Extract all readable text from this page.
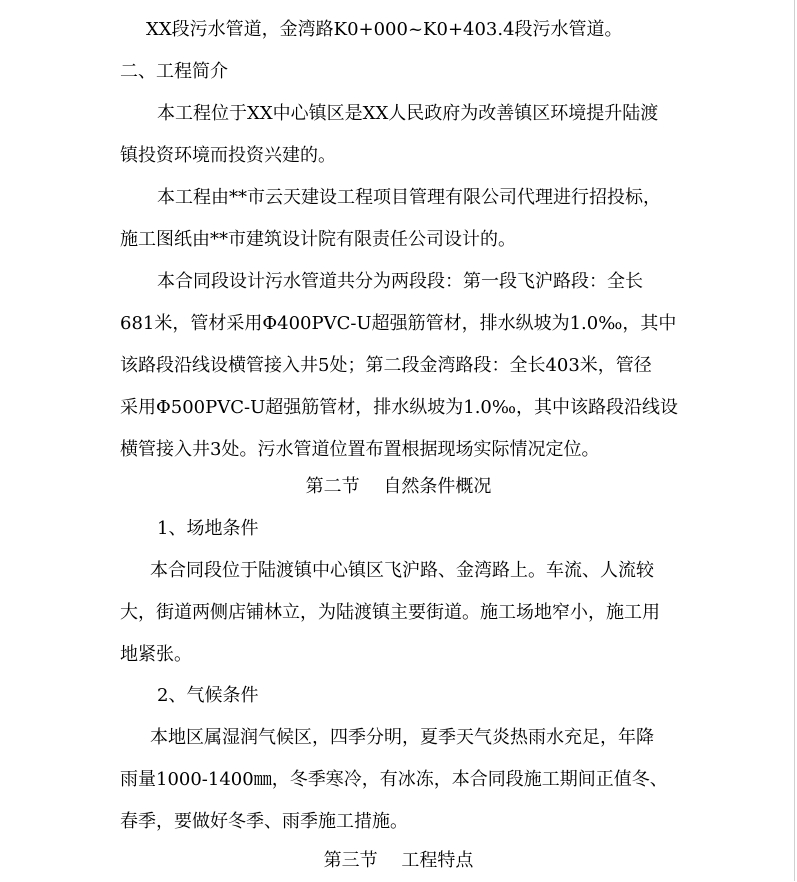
XX段污水管道，金湾路K0+000~K0+403.4段污水管道。
二、工程简介
本工程位于XX中心镇区是XX人民政府为改善镇区环境提升陆渡
镇投资环境而投资兴建的。
本工程由**市云天建设工程项目管理有限公司代理进行招投标，
施工图纸由**市建筑设计院有限责任公司设计的。
本合同段设计污水管道共分为两段段：第一段飞沪路段：全长
681米，管材采用Φ400PVC-U超强筋管材，排水纵坡为1.0‰，其中
该路段沿线设横管接入井5处；第二段金湾路段：全长403米，管径
采用Φ500PVC-U超强筋管材，排水纵坡为1.0‰，其中该路段沿线设
横管接入井3处。污水管道位置布置根据现场实际情况定位。
第二节　 自然条件概况
1、场地条件
本合同段位于陆渡镇中心镇区飞沪路、金湾路上。车流、人流较
大，街道两侧店铺林立，为陆渡镇主要街道。施工场地窄小，施工用
地紧张。
2、气候条件
本地区属湿润气候区，四季分明，夏季天气炎热雨水充足，年降
雨量1000-1400㎜，冬季寒冷，有冰冻，本合同段施工期间正值冬、
春季，要做好冬季、雨季施工措施。
第三节　 工程特点
